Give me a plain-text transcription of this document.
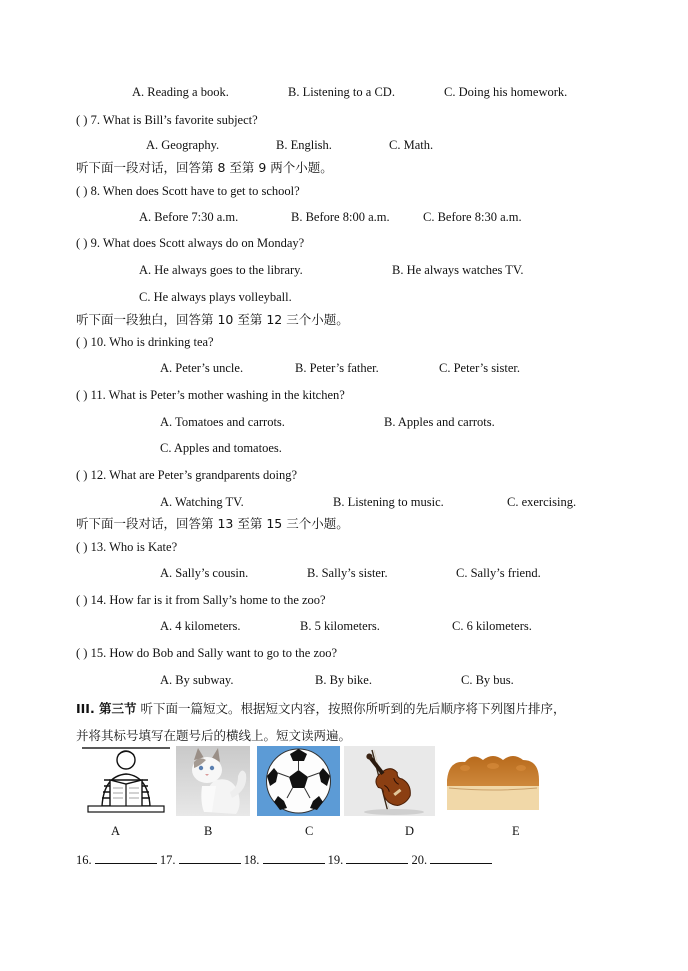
A. Reading a book.	B. Listening to a CD.	C. Doing his homework.
( ) 7. What is Bill’s favorite subject?
A. Geography.	B. English.	C. Math.
听下面一段对话，回答第 8 至第 9 两个小题。
( ) 8. When does Scott have to get to school?
A. Before 7:30 a.m.	B. Before 8:00 a.m.	C. Before 8:30 a.m.
( ) 9. What does Scott always do on Monday?
A. He always goes to the library.	B. He always watches TV.
C. He always plays volleyball.
听下面一段独白，回答第 10 至第 12 三个小题。
( ) 10. Who is drinking tea?
A. Peter’s uncle.	B. Peter’s father.	C. Peter’s sister.
( ) 11. What is Peter’s mother washing in the kitchen?
A. Tomatoes and carrots.	B. Apples and carrots.
C. Apples and tomatoes.
( ) 12. What are Peter’s grandparents doing?
A. Watching TV.	B. Listening to music.	C. exercising.
听下面一段对话，回答第 13 至第 15 三个小题。
( ) 13. Who is Kate?
A. Sally’s cousin.	B. Sally’s sister.	C. Sally’s friend.
( ) 14. How far is it from Sally’s home to the zoo?
A. 4 kilometers.	B. 5 kilometers.	C. 6 kilometers.
( ) 15. How do Bob and Sally want to go to the zoo?
A. By subway.	B. By bike.	C. By bus.
III. 第三节 听下面一篇短文。根据短文内容，按照你所听到的先后顺序将下列图片排序，
并将其标号填写在题号后的横线上。短文读两遍。
A	B	C	D	E
16.	17.	18.	19.	20.
